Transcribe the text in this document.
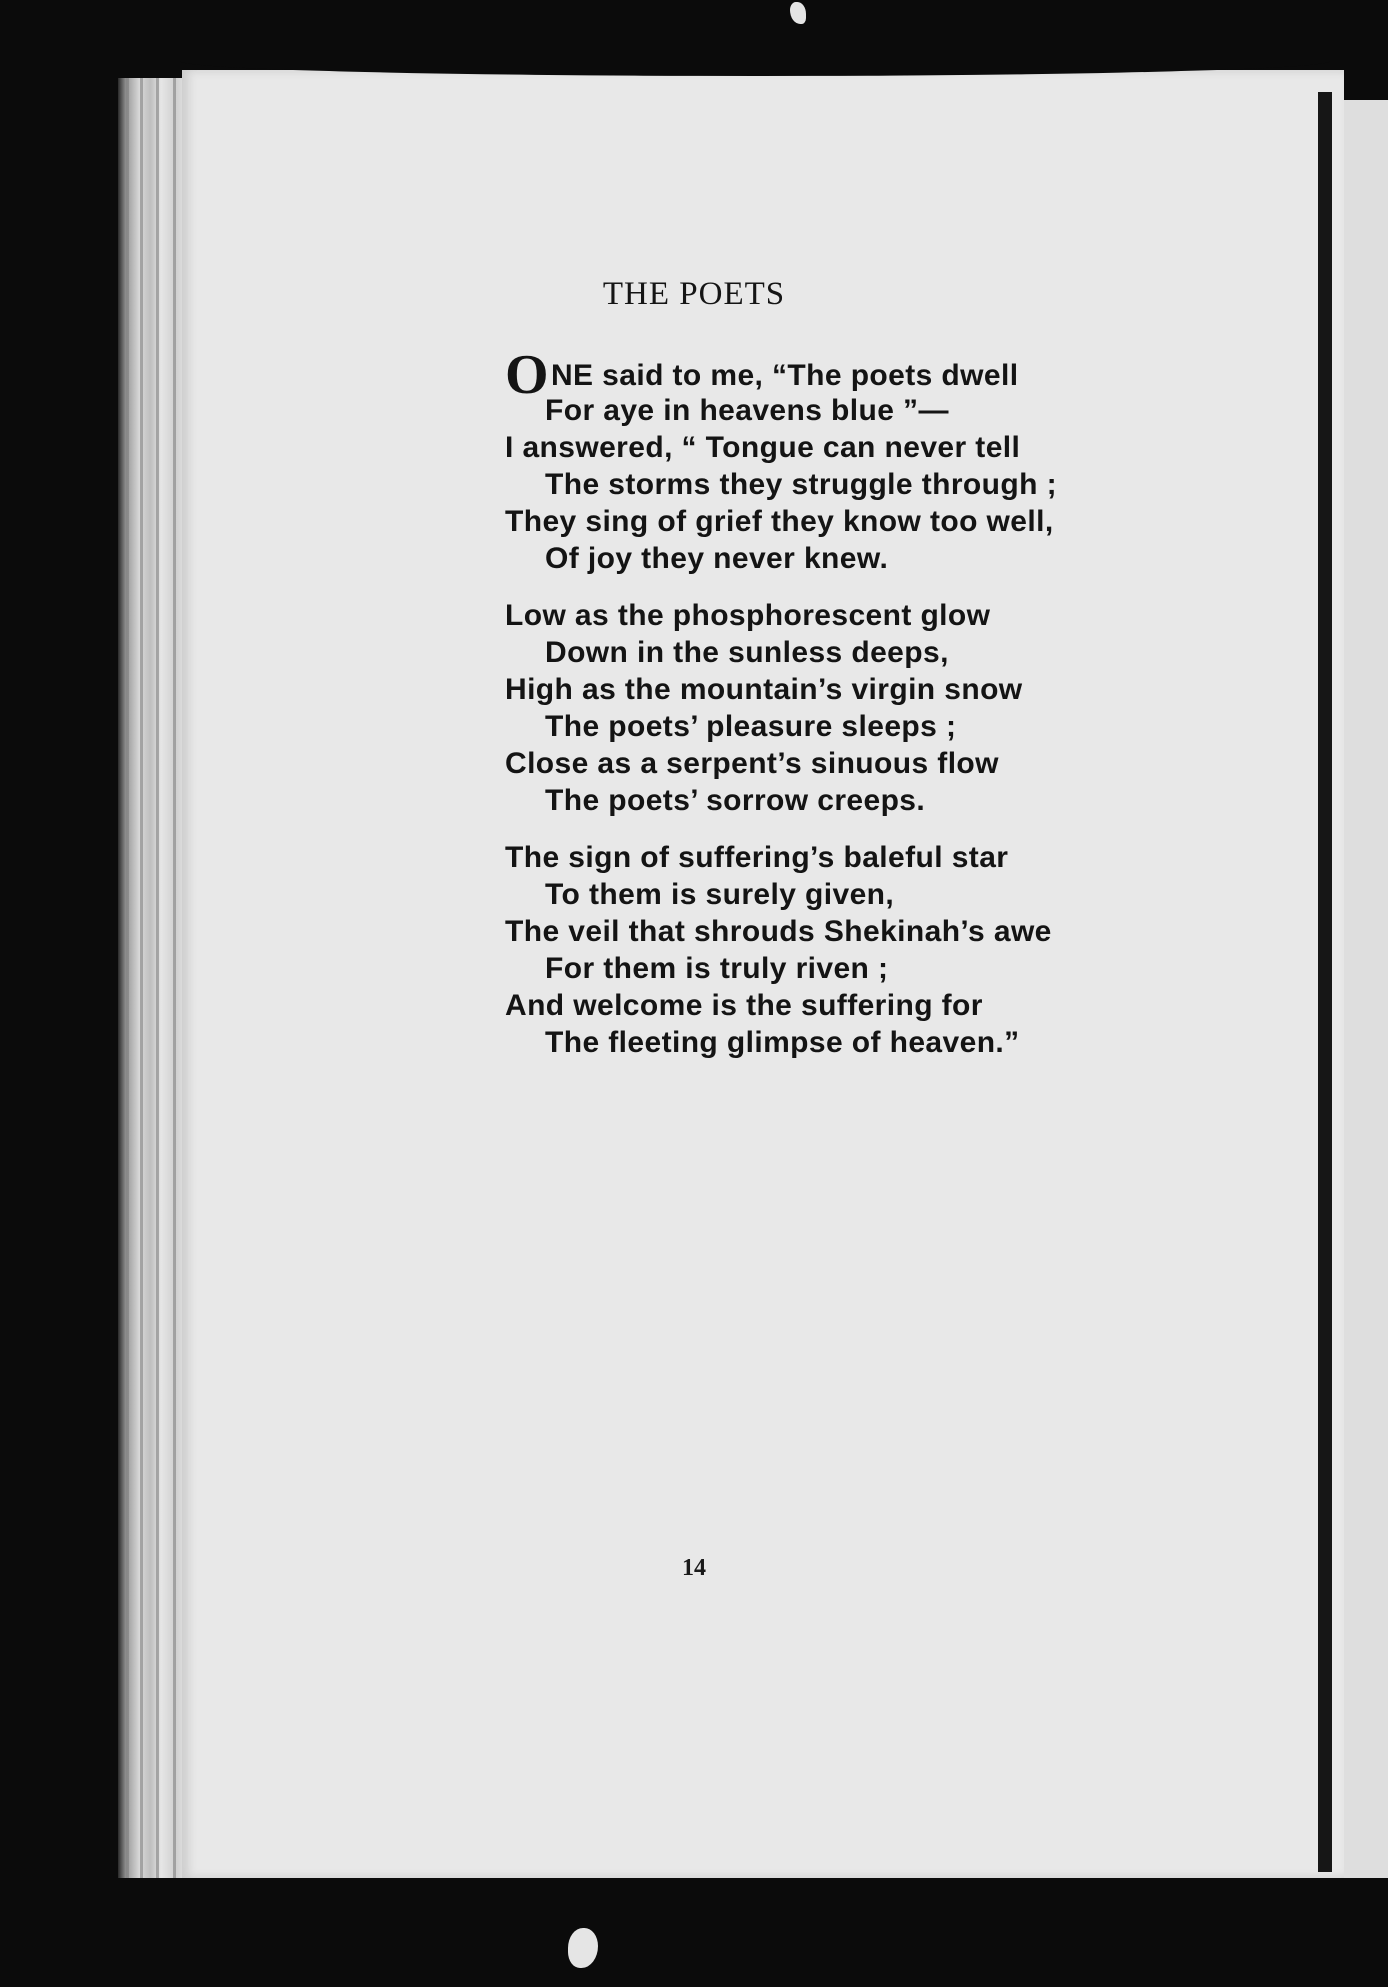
THE POETS
ONE said to me, “The poets dwell
For aye in heavens blue ”—
I answered, “ Tongue can never tell
The storms they struggle through ;
They sing of grief they know too well,
Of joy they never knew.
Low as the phosphorescent glow
Down in the sunless deeps,
High as the mountain’s virgin snow
The poets’ pleasure sleeps ;
Close as a serpent’s sinuous flow
The poets’ sorrow creeps.
The sign of suffering’s baleful star
To them is surely given,
The veil that shrouds Shekinah’s awe
For them is truly riven ;
And welcome is the suffering for
The fleeting glimpse of heaven.”
14
